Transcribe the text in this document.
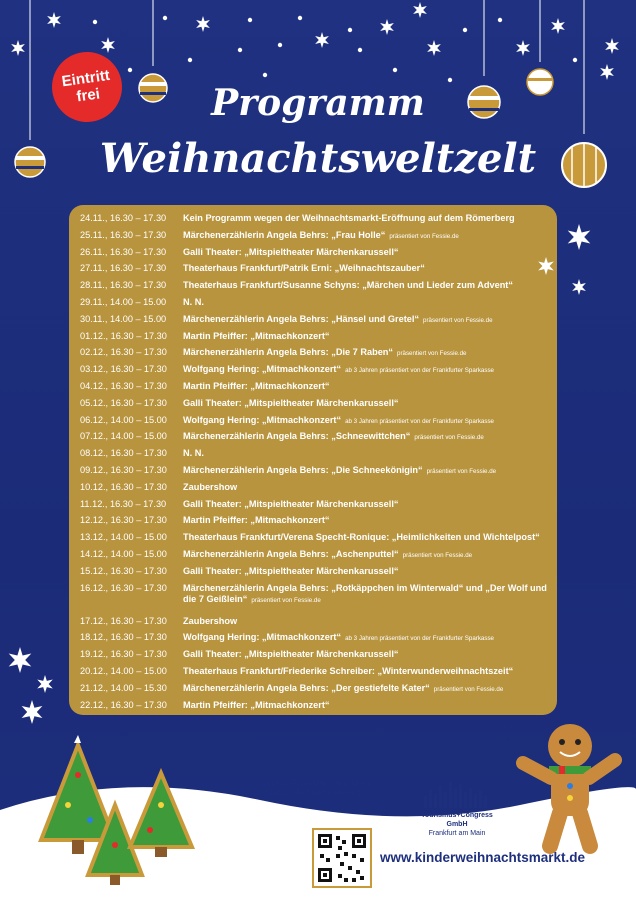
Eintritt
frei	Programm
Weihnachtsweltzelt
24.11., 16.30 – 17.30	Kein Programm wegen der Weihnachtsmarkt-Eröffnung auf dem Römerberg
25.11., 16.30 – 17.30	Märchenerzählerin Angela Behrs: „Frau Holle“ präsentiert von Fessie.de
26.11., 16.30 – 17.30	Galli Theater: „Mitspieltheater Märchenkarussell“
27.11., 16.30 – 17.30	Theaterhaus Frankfurt/Patrik Erni: „Weihnachtszauber“
28.11., 16.30 – 17.30	Theaterhaus Frankfurt/Susanne Schyns: „Märchen und Lieder zum Advent“
29.11., 14.00 – 15.00	N. N.
30.11., 14.00 – 15.00	Märchenerzählerin Angela Behrs: „Hänsel und Gretel“ präsentiert von Fessie.de
01.12., 16.30 – 17.30	Martin Pfeiffer: „Mitmachkonzert“
02.12., 16.30 – 17.30	Märchenerzählerin Angela Behrs: „Die 7 Raben“ präsentiert von Fessie.de
03.12., 16.30 – 17.30	Wolfgang Hering: „Mitmachkonzert“ ab 3 Jahren präsentiert von der Frankfurter Sparkasse
04.12., 16.30 – 17.30	Martin Pfeiffer: „Mitmachkonzert“
05.12., 16.30 – 17.30	Galli Theater: „Mitspieltheater Märchenkarussell“
06.12., 14.00 – 15.00	Wolfgang Hering: „Mitmachkonzert“ ab 3 Jahren präsentiert von der Frankfurter Sparkasse
07.12., 14.00 – 15.00	Märchenerzählerin Angela Behrs: „Schneewittchen“ präsentiert von Fessie.de
08.12., 16.30 – 17.30	N. N.
09.12., 16.30 – 17.30	Märchenerzählerin Angela Behrs: „Die Schneekönigin“ präsentiert von Fessie.de
10.12., 16.30 – 17.30	Zaubershow
11.12., 16.30 – 17.30	Galli Theater: „Mitspieltheater Märchenkarussell“
12.12., 16.30 – 17.30	Martin Pfeiffer: „Mitmachkonzert“
13.12., 14.00 – 15.00	Theaterhaus Frankfurt/Verena Specht-Ronique: „Heimlichkeiten und Wichtelpost“
14.12., 14.00 – 15.00	Märchenerzählerin Angela Behrs: „Aschenputtel“ präsentiert von Fessie.de
15.12., 16.30 – 17.30	Galli Theater: „Mitspieltheater Märchenkarussell“
16.12., 16.30 – 17.30	Märchenerzählerin Angela Behrs: „Rotkäppchen im Winterwald“ und „Der Wolf und die 7 Geißlein“ präsentiert von Fessie.de
17.12., 16.30 – 17.30	Zaubershow
18.12., 16.30 – 17.30	Wolfgang Hering: „Mitmachkonzert“ ab 3 Jahren präsentiert von der Frankfurter Sparkasse
19.12., 16.30 – 17.30	Galli Theater: „Mitspieltheater Märchenkarussell“
20.12., 14.00 – 15.00	Theaterhaus Frankfurt/Friederike Schreiber: „Winterwunderweihnachtszeit“
21.12., 14.00 – 15.30	Märchenerzählerin Angela Behrs: „Der gestiefelte Kater“ präsentiert von Fessie.de
22.12., 16.30 – 17.30	Martin Pfeiffer: „Mitmachkonzert“
Stadt Frankfurt am Main
Stabsstelle Stadtmarketing
Tourismus+Congress GmbH
Frankfurt am Main
www.kinderweihnachtsmarkt.de
